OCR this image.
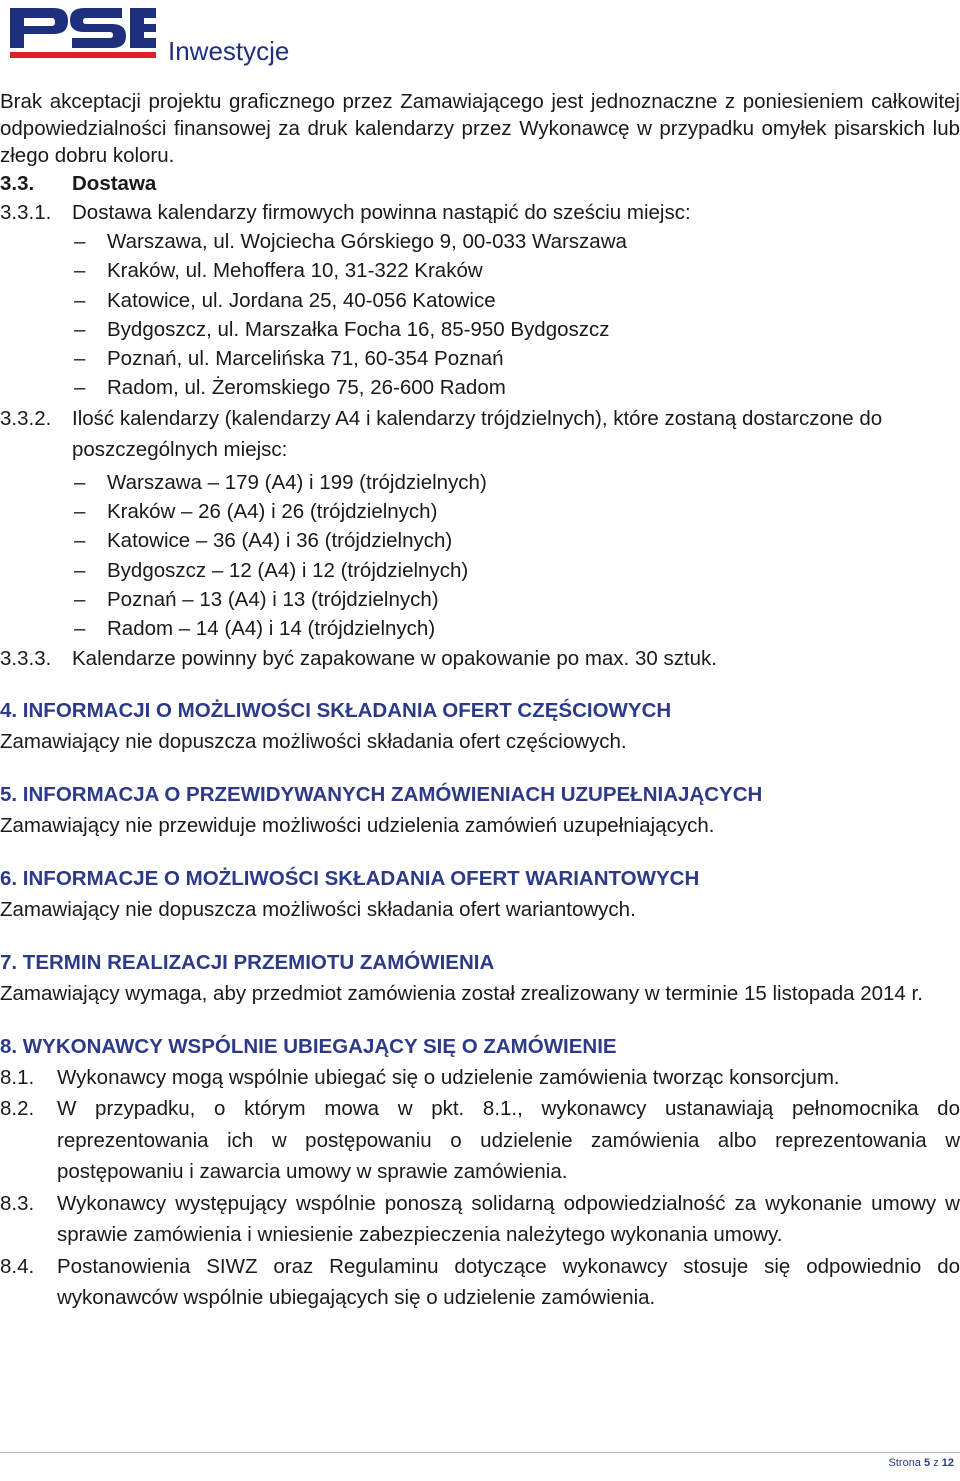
Inwestycje
Brak akceptacji projektu graficznego przez Zamawiającego jest jednoznaczne z poniesieniem całkowitej odpowiedzialności finansowej za druk kalendarzy przez Wykonawcę w przypadku omyłek pisarskich lub złego dobru koloru.
3.3. Dostawa
3.3.1. Dostawa kalendarzy firmowych powinna nastąpić do sześciu miejsc:
–	Warszawa, ul. Wojciecha Górskiego 9, 00-033 Warszawa
–	Kraków, ul. Mehoffera 10, 31-322 Kraków
–	Katowice, ul. Jordana 25, 40-056 Katowice
–	Bydgoszcz, ul. Marszałka Focha 16, 85-950 Bydgoszcz
–	Poznań, ul. Marcelińska 71, 60-354 Poznań
–	Radom, ul. Żeromskiego 75, 26-600 Radom
3.3.2.	Ilość kalendarzy (kalendarzy A4 i kalendarzy trójdzielnych), które zostaną dostarczone do poszczególnych miejsc:
–	Warszawa – 179 (A4) i 199 (trójdzielnych)
–	Kraków – 26 (A4) i 26 (trójdzielnych)
–	Katowice – 36 (A4) i 36 (trójdzielnych)
–	Bydgoszcz – 12 (A4) i 12 (trójdzielnych)
–	Poznań – 13 (A4) i 13 (trójdzielnych)
–	Radom – 14 (A4) i 14 (trójdzielnych)
3.3.3. Kalendarze powinny być zapakowane w opakowanie po max. 30 sztuk.
4. INFORMACJI O MOŻLIWOŚCI SKŁADANIA OFERT CZĘŚCIOWYCH
Zamawiający nie dopuszcza możliwości składania ofert częściowych.
5. INFORMACJA O PRZEWIDYWANYCH ZAMÓWIENIACH UZUPEŁNIAJĄCYCH
Zamawiający nie przewiduje możliwości udzielenia zamówień uzupełniających.
6. INFORMACJE O MOŻLIWOŚCI SKŁADANIA OFERT WARIANTOWYCH
Zamawiający nie dopuszcza możliwości składania ofert wariantowych.
7. TERMIN REALIZACJI PRZEMIOTU ZAMÓWIENIA
Zamawiający wymaga, aby przedmiot zamówienia został zrealizowany w terminie 15 listopada 2014 r.
8. WYKONAWCY WSPÓLNIE UBIEGAJĄCY SIĘ O ZAMÓWIENIE
8.1.	Wykonawcy mogą wspólnie ubiegać się o udzielenie zamówienia tworząc konsorcjum.
8.2.	W przypadku, o którym mowa w pkt. 8.1., wykonawcy ustanawiają pełnomocnika do reprezentowania ich w postępowaniu o udzielenie zamówienia albo reprezentowania w postępowaniu i zawarcia umowy w sprawie zamówienia.
8.3.	Wykonawcy występujący wspólnie ponoszą solidarną odpowiedzialność za wykonanie umowy w sprawie zamówienia i wniesienie zabezpieczenia należytego wykonania umowy.
8.4.	Postanowienia SIWZ oraz Regulaminu dotyczące wykonawcy stosuje się odpowiednio do wykonawców wspólnie ubiegających się o udzielenie zamówienia.
Strona 5 z 12
